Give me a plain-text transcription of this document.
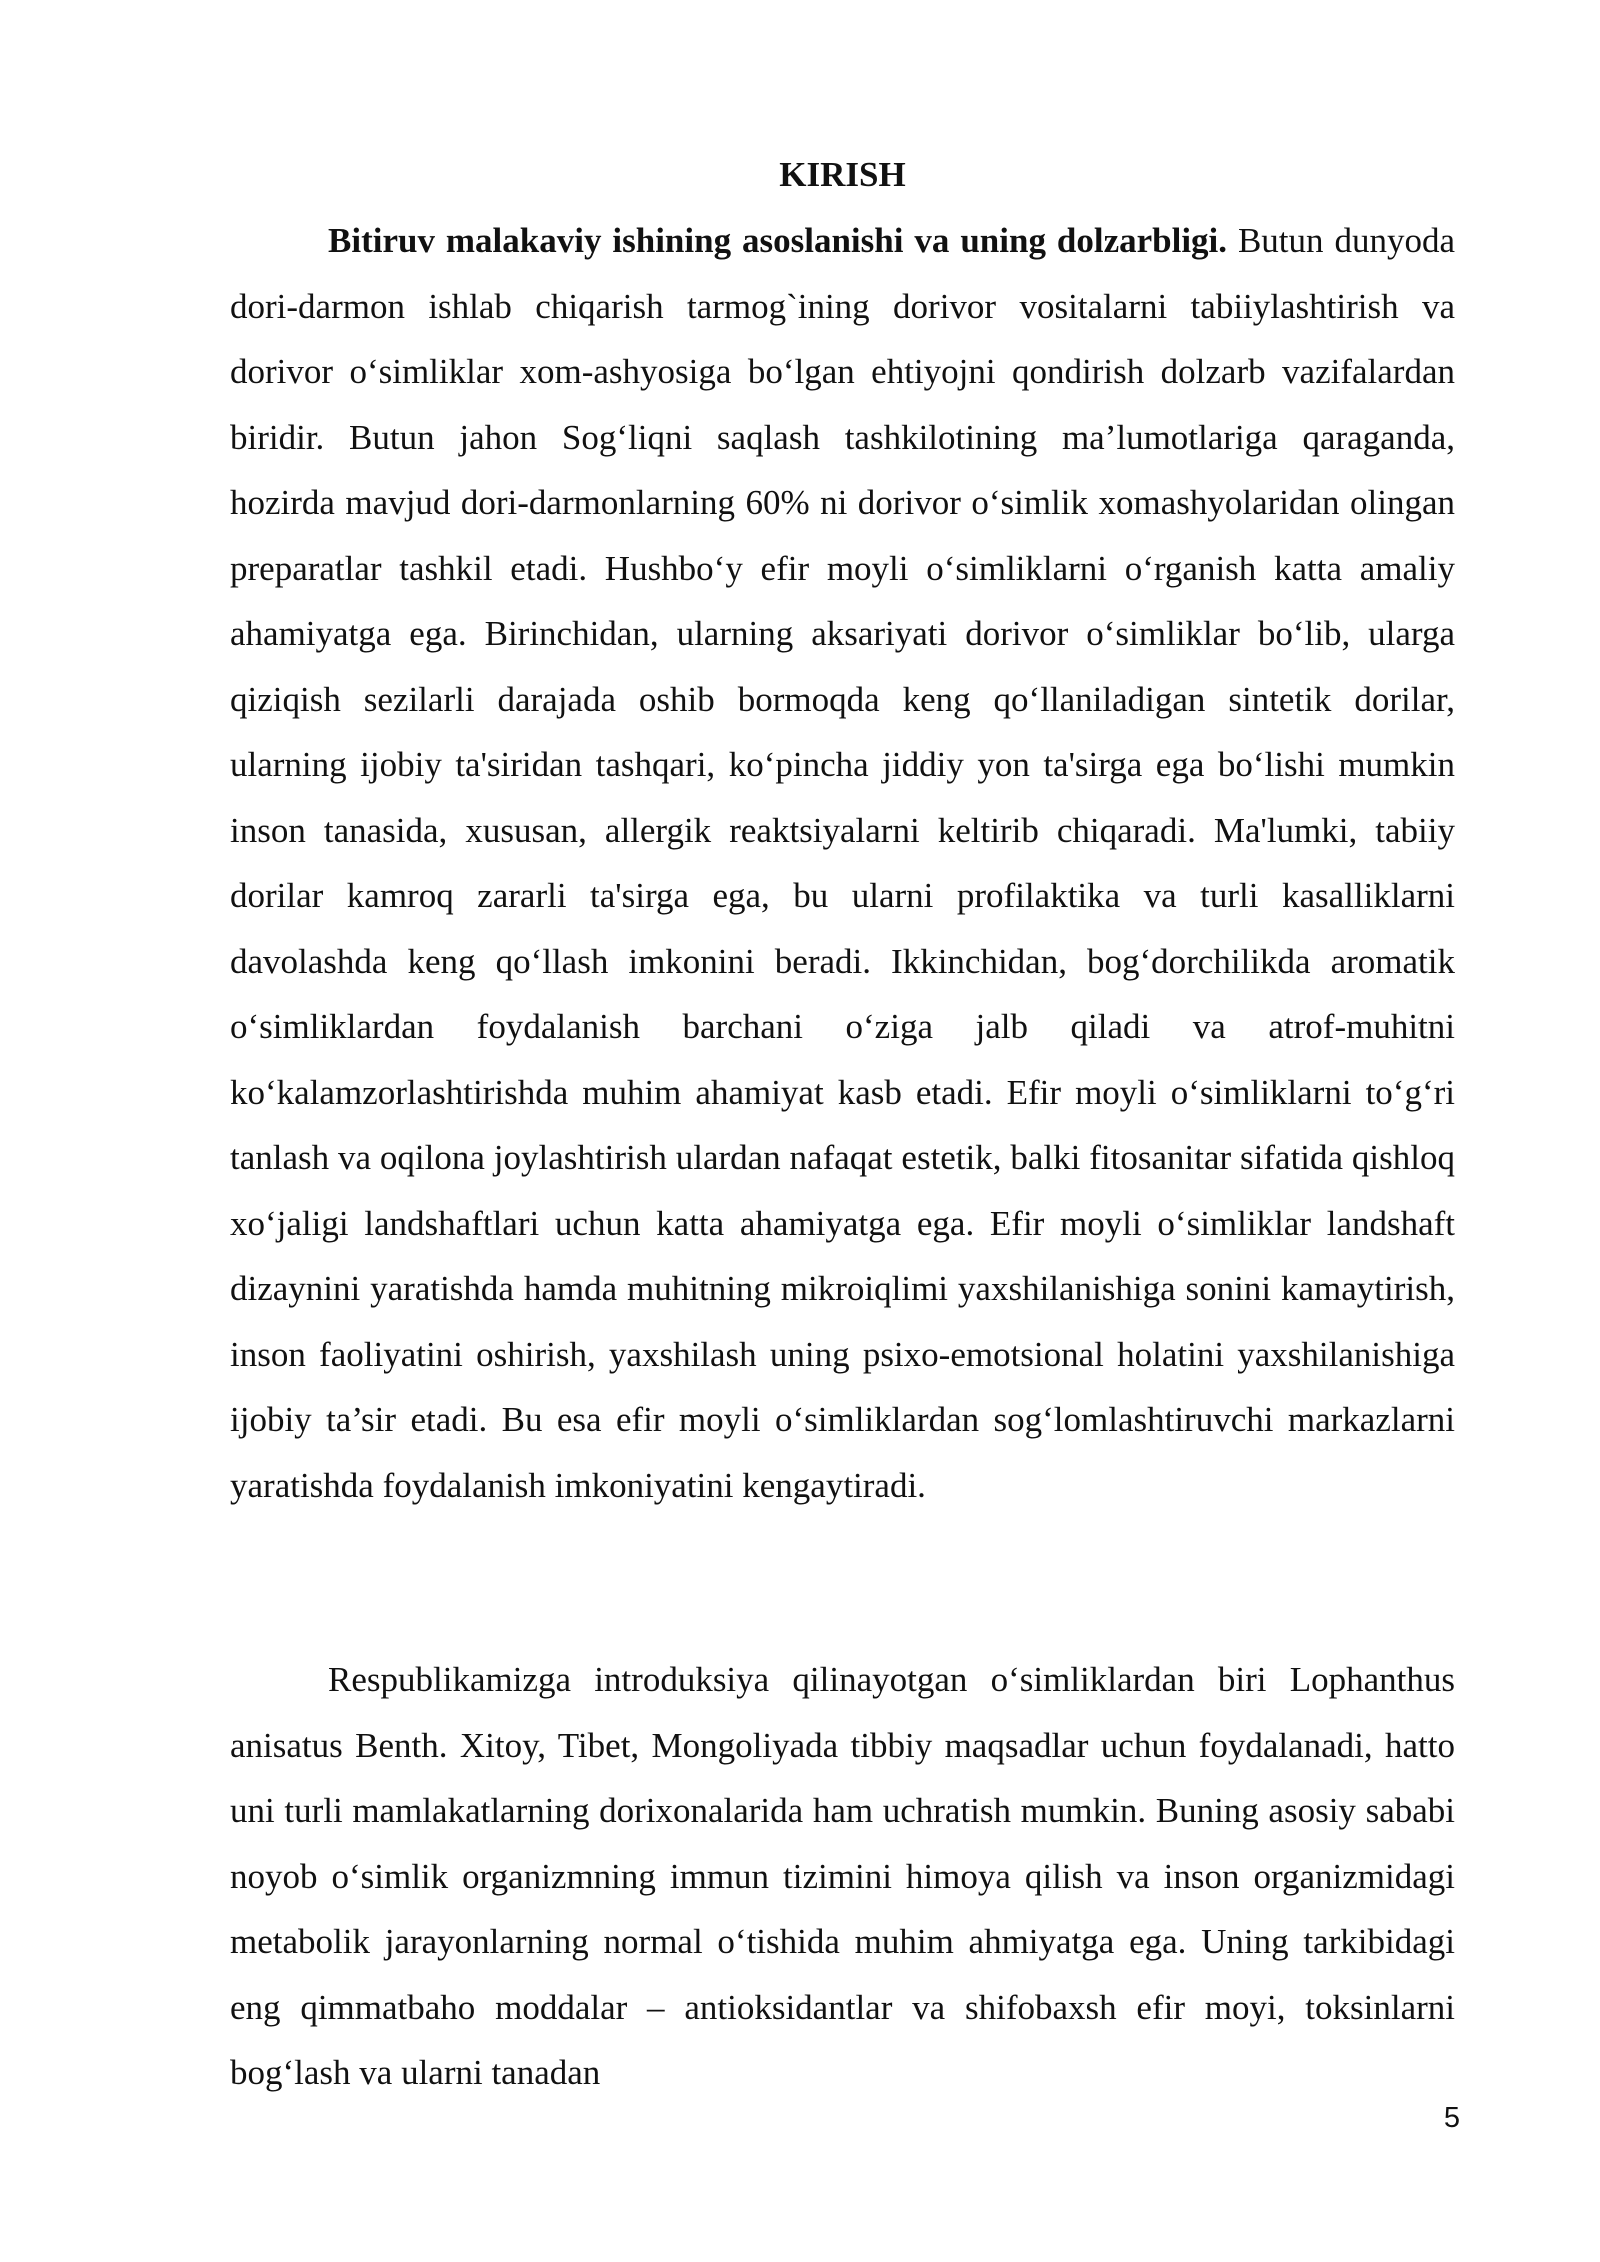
KIRISH

Bitiruv malakaviy ishining asoslanishi va uning dolzarbligi. Butun dunyoda dori-darmon ishlab chiqarish tarmog`ining dorivor vositalarni tabiiylashtirish va dorivor o‘simliklar xom-ashyosiga bo‘lgan ehtiyojni qondirish dolzarb vazifalardan biridir. Butun jahon Sog‘liqni saqlash tashkilotining ma’lumotlariga qaraganda, hozirda mavjud dori-darmonlarning 60% ni dorivor o‘simlik xomashyolaridan olingan preparatlar tashkil etadi. Hushbo‘y efir moyli o‘simliklarni o‘rganish katta amaliy ahamiyatga ega. Birinchidan, ularning aksariyati dorivor o‘simliklar bo‘lib, ularga qiziqish sezilarli darajada oshib bormoqda keng qo‘llaniladigan sintetik dorilar, ularning ijobiy ta'siridan tashqari, ko‘pincha jiddiy yon ta'sirga ega bo‘lishi mumkin inson tanasida, xususan, allergik reaktsiyalarni keltirib chiqaradi. Ma'lumki, tabiiy dorilar kamroq zararli ta'sirga ega, bu ularni profilaktika va turli kasalliklarni davolashda keng qo‘llash imkonini beradi. Ikkinchidan, bog‘dorchilikda aromatik o‘simliklardan foydalanish barchani o‘ziga jalb qiladi va atrof-muhitni ko‘kalamzorlashtirishda muhim ahamiyat kasb etadi. Efir moyli o‘simliklarni to‘g‘ri tanlash va oqilona joylashtirish ulardan nafaqat estetik, balki fitosanitar sifatida qishloq xo‘jaligi landshaftlari uchun katta ahamiyatga ega. Efir moyli o‘simliklar landshaft dizaynini yaratishda hamda muhitning mikroiqlimi yaxshilanishiga sonini kamaytirish, inson faoliyatini oshirish, yaxshilash uning psixo-emotsional holatini yaxshilanishiga ijobiy ta’sir etadi. Bu esa efir moyli o‘simliklardan sog‘lomlashtiruvchi markazlarni yaratishda foydalanish imkoniyatini kengaytiradi.

Respublikamizga introduksiya qilinayotgan o‘simliklardan biri Lophanthus anisatus Benth. Xitoy, Tibet, Mongoliyada tibbiy maqsadlar uchun foydalanadi, hatto uni turli mamlakatlarning dorixonalarida ham uchratish mumkin. Buning asosiy sababi noyob o‘simlik organizmning immun tizimini himoya qilish va inson organizmidagi metabolik jarayonlarning normal o‘tishida muhim ahmiyatga ega. Uning tarkibidagi eng qimmatbaho moddalar – antioksidantlar va shifobaxsh efir moyi, toksinlarni bog‘lash va ularni tanadan

5
